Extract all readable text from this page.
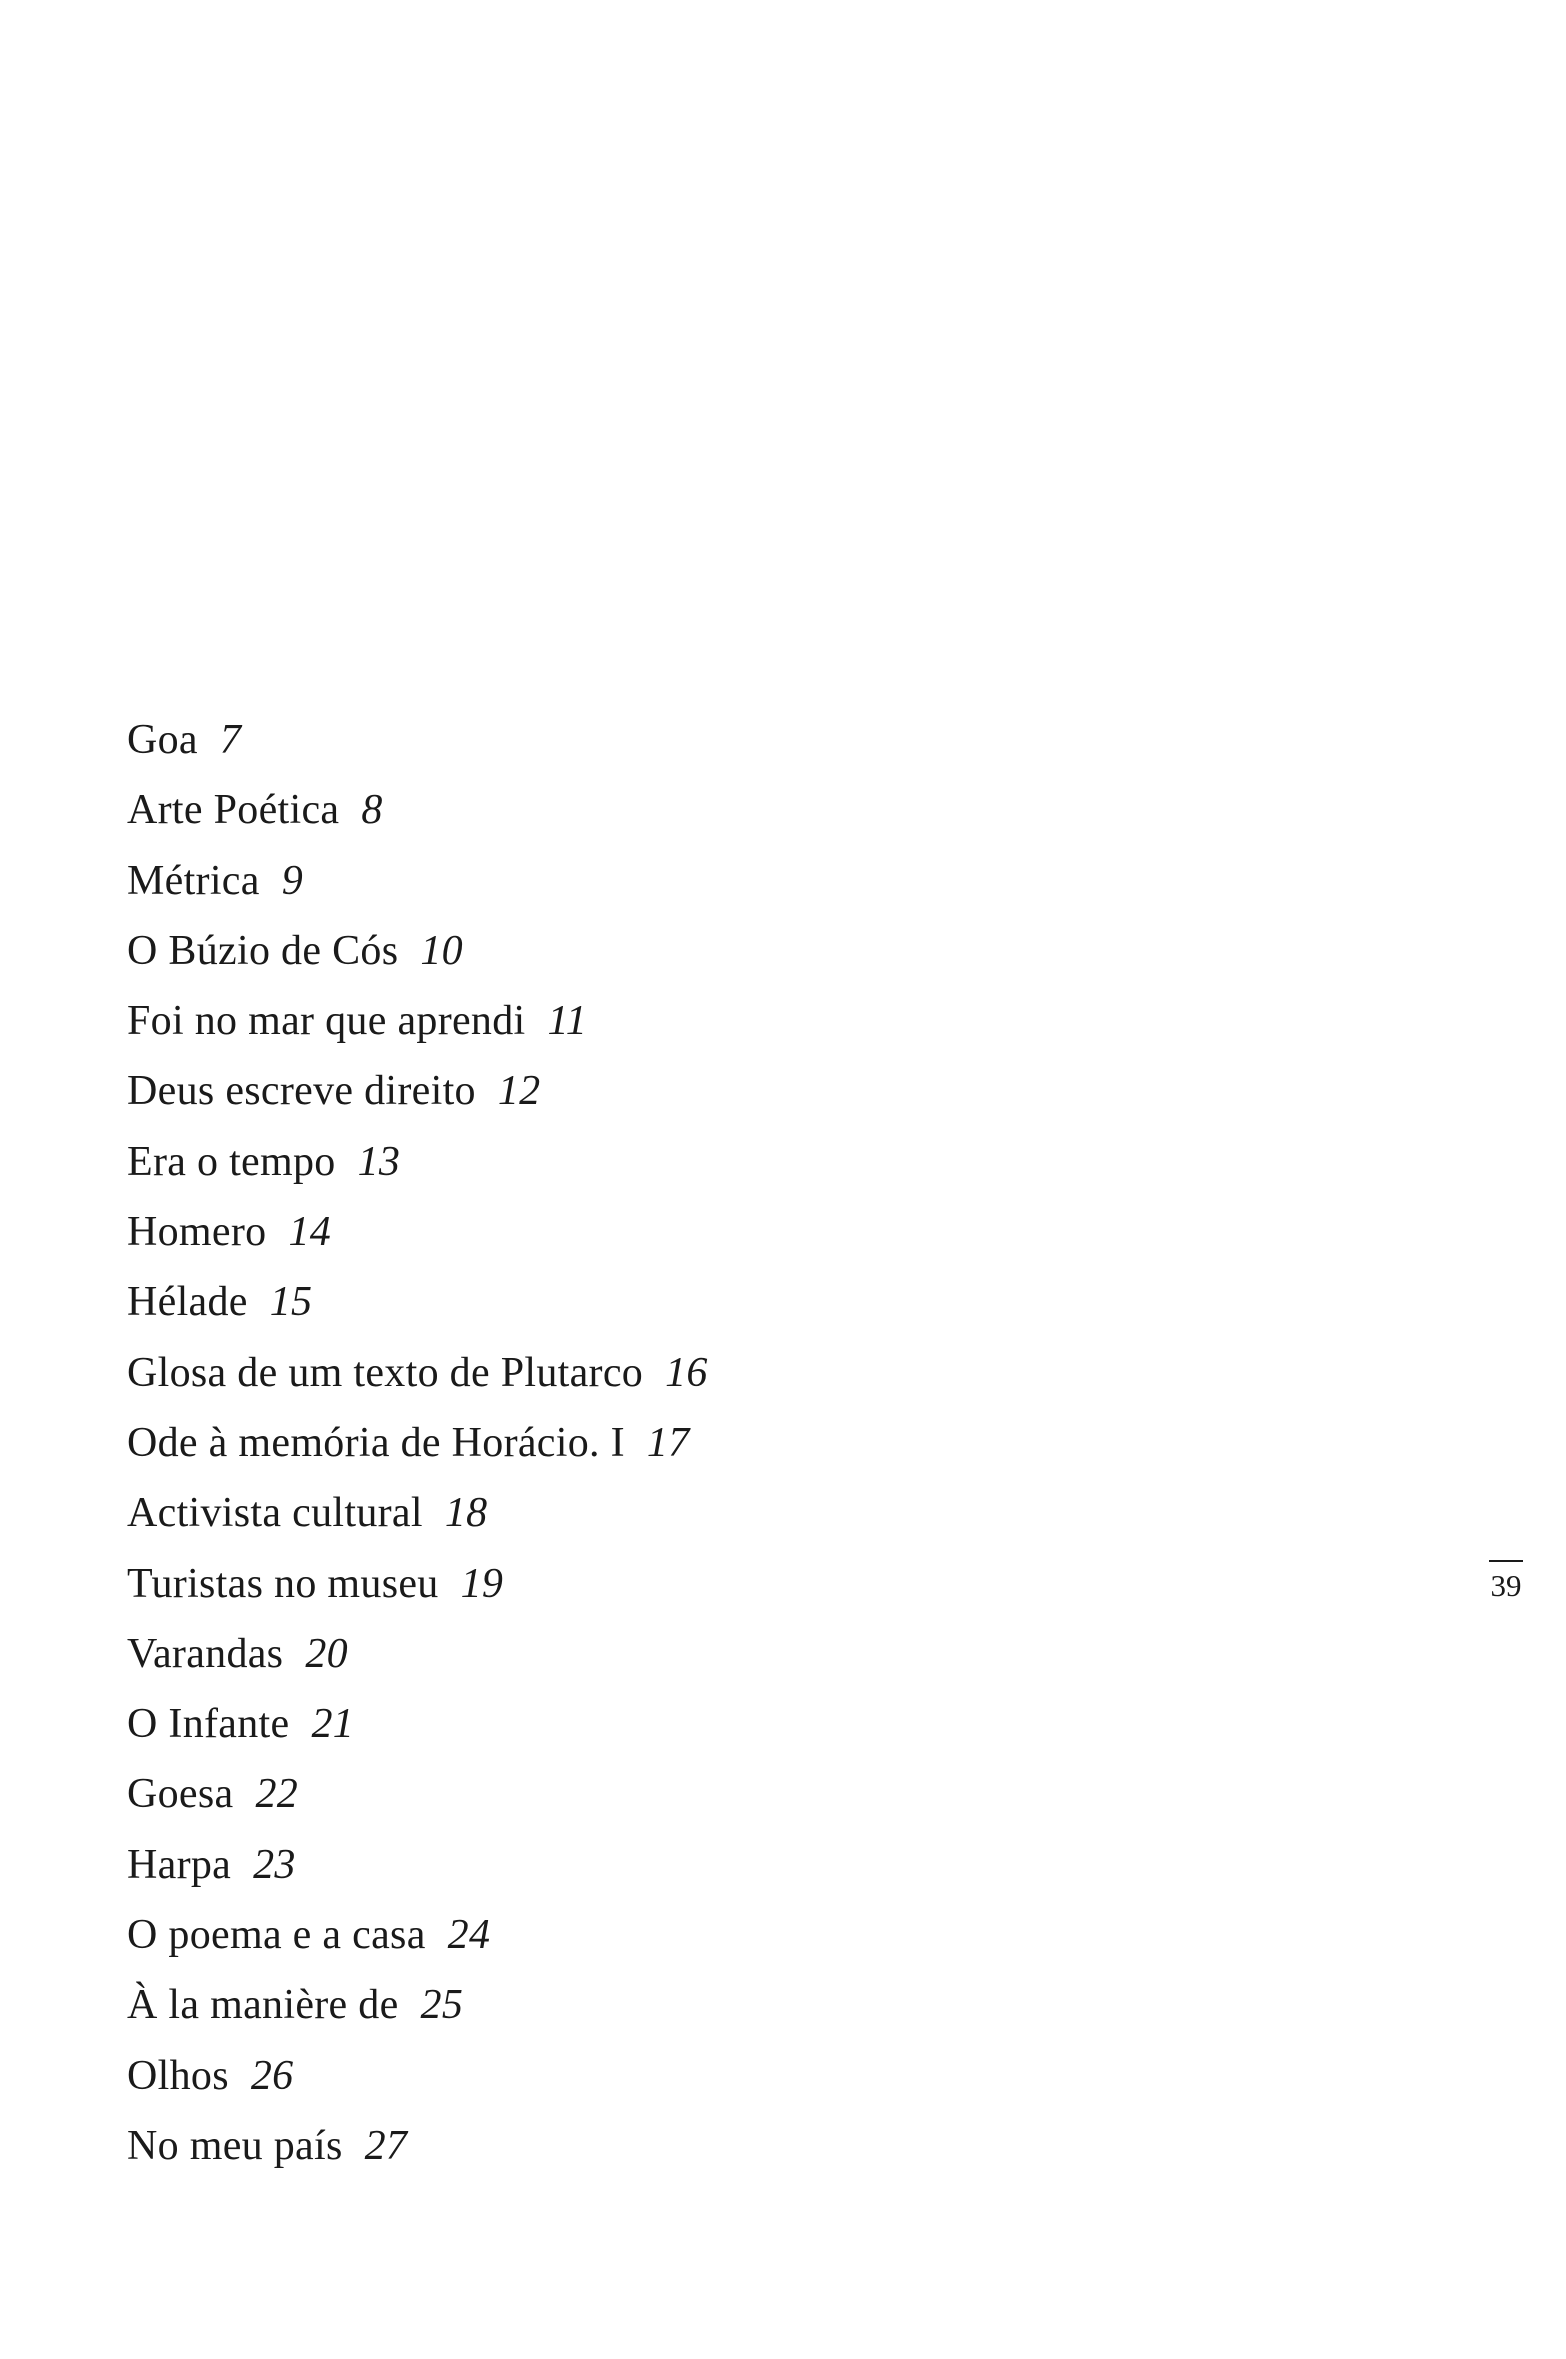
Goa 7
Arte Poética 8
Métrica 9
O Búzio de Cós 10
Foi no mar que aprendi 11
Deus escreve direito 12
Era o tempo 13
Homero 14
Hélade 15
Glosa de um texto de Plutarco 16
Ode à memória de Horácio. I 17
Activista cultural 18
Turistas no museu 19
Varandas 20
O Infante 21
Goesa 22
Harpa 23
O poema e a casa 24
À la manière de 25
Olhos 26
No meu país 27
39
